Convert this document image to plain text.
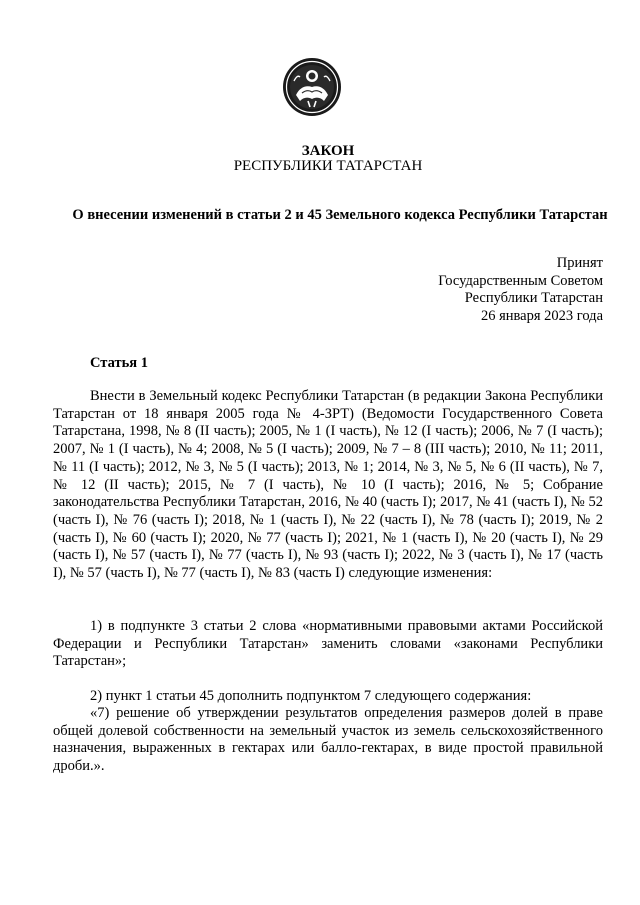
ЗАКОН
РЕСПУБЛИКИ ТАТАРСТАН
О внесении изменений в статьи 2 и 45 Земельного кодекса Республики Татарстан
Принят
Государственным Советом
Республики Татарстан
26 января 2023 года
Статья 1
Внести в Земельный кодекс Республики Татарстан (в редакции Закона Республики Татарстан от 18 января 2005 года № 4-ЗРТ) (Ведомости Государственного Совета Татарстана, 1998, № 8 (II часть); 2005, № 1 (I часть), № 12 (I часть); 2006, № 7 (I часть); 2007, № 1 (I часть), № 4; 2008, № 5 (I часть); 2009, № 7 – 8 (III часть); 2010, № 11; 2011, № 11 (I часть); 2012, № 3, № 5 (I часть); 2013, № 1; 2014, № 3, № 5, № 6 (II часть), № 7, № 12 (II часть); 2015, № 7 (I часть), № 10 (I часть); 2016, № 5; Собрание законодательства Республики Татарстан, 2016, № 40 (часть I); 2017, № 41 (часть I), № 52 (часть I), № 76 (часть I); 2018, № 1 (часть I), № 22 (часть I), № 78 (часть I); 2019, № 2 (часть I), № 60 (часть I); 2020, № 77 (часть I); 2021, № 1 (часть I), № 20 (часть I), № 29 (часть I), № 57 (часть I), № 77 (часть I), № 93 (часть I); 2022, № 3 (часть I), № 17 (часть I), № 57 (часть I), № 77 (часть I), № 83 (часть I) следующие изменения:
1) в подпункте 3 статьи 2 слова «нормативными правовыми актами Российской Федерации и Республики Татарстан» заменить словами «законами Республики Татарстан»;
2) пункт 1 статьи 45 дополнить подпунктом 7 следующего содержания:
«7) решение об утверждении результатов определения размеров долей в праве общей долевой собственности на земельный участок из земель сельскохозяйственного назначения, выраженных в гектарах или балло-гектарах, в виде простой правильной дроби.».
